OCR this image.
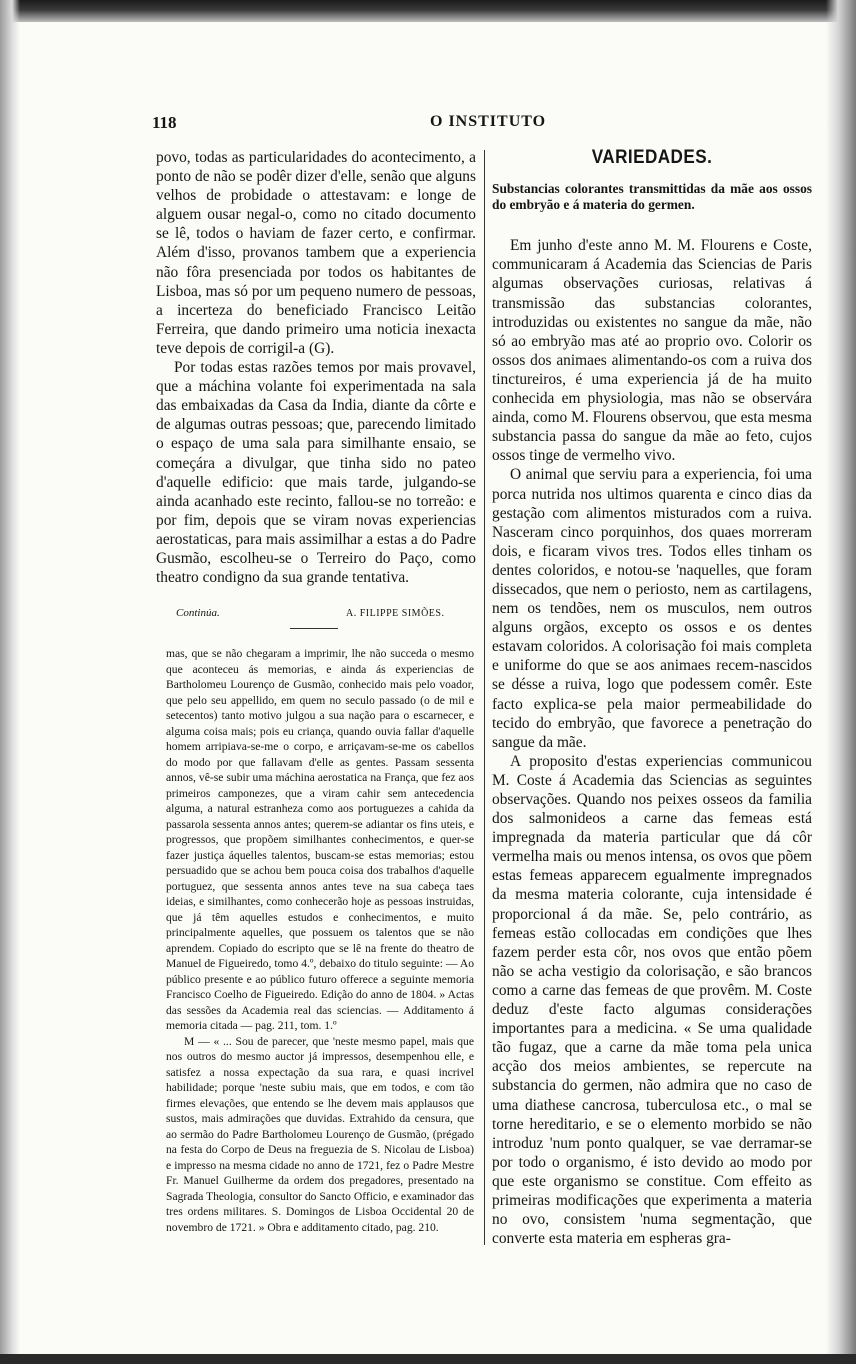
118	O INSTITUTO

povo, todas as particularidades do acontecimento, a ponto de não se podêr dizer d'elle, senão que alguns velhos de probidade o attestavam: e longe de alguem ousar negal-o, como no citado documento se lê, todos o haviam de fazer certo, e confirmar. Além d'isso, provanos tambem que a experiencia não fôra presenciada por todos os habitantes de Lisboa, mas só por um pequeno numero de pessoas, a incerteza do beneficiado Francisco Leitão Ferreira, que dando primeiro uma noticia inexacta teve depois de corrigil-a (G).

Por todas estas razões temos por mais provavel, que a máchina volante foi experimentada na sala das embaixadas da Casa da India, diante da côrte e de algumas outras pessoas; que, parecendo limitado o espaço de uma sala para similhante ensaio, se começára a divulgar, que tinha sido no pateo d'aquelle edificio: que mais tarde, julgando-se ainda acanhado este recinto, fallou-se no torreão: e por fim, depois que se viram novas experiencias aerostaticas, para mais assimilhar a estas a do Padre Gusmão, escolheu-se o Terreiro do Paço, como theatro condigno da sua grande tentativa.

Continúa.	A. FILIPPE SIMÕES.

mas, que se não chegaram a imprimir, lhe não succeda o mesmo que aconteceu ás memorias, e ainda ás experiencias de Bartholomeu Lourenço de Gusmão, conhecido mais pelo voador, que pelo seu appellido, em quem no seculo passado (o de mil e setecentos) tanto motivo julgou a sua nação para o escarnecer, e alguma coisa mais; pois eu criança, quando ouvia fallar d'aquelle homem arripiava-se-me o corpo, e arriçavam-se-me os cabellos do modo por que fallavam d'elle as gentes. Passam sessenta annos, vê-se subir uma máchina aerostatica na França, que fez aos primeiros camponezes, que a viram cahir sem antecedencia alguma, a natural estranheza como aos portuguezes a cahida da passarola sessenta annos antes; querem-se adiantar os fins uteis, e progressos, que propõem similhantes conhecimentos, e quer-se fazer justiça áquelles talentos, buscam-se estas memorias; estou persuadido que se achou bem pouca coisa dos trabalhos d'aquelle portuguez, que sessenta annos antes teve na sua cabeça taes ideias, e similhantes, como conhecerão hoje as pessoas instruidas, que já têm aquelles estudos e conhecimentos, e muito principalmente aquelles, que possuem os talentos que se não aprendem. Copiado do escripto que se lê na frente do theatro de Manuel de Figueiredo, tomo 4.º, debaixo do titulo seguinte: — Ao público presente e ao público futuro offerece a seguinte memoria Francisco Coelho de Figueiredo. Edição do anno de 1804. » Actas das sessões da Academia real das sciencias. — Additamento á memoria citada — pag. 211, tom. 1.º

M — « ... Sou de parecer, que 'neste mesmo papel, mais que nos outros do mesmo auctor já impressos, desempenhou elle, e satisfez a nossa expectação da sua rara, e quasi incrivel habilidade; porque 'neste subiu mais, que em todos, e com tão firmes elevações, que entendo se lhe devem mais applausos que sustos, mais admirações que duvidas. Extrahido da censura, que ao sermão do Padre Bartholomeu Lourenço de Gusmão, (prégado na festa do Corpo de Deus na freguezia de S. Nicolau de Lisboa) e impresso na mesma cidade no anno de 1721, fez o Padre Mestre Fr. Manuel Guilherme da ordem dos pregadores, presentado na Sagrada Theologia, consultor do Sancto Officio, e examinador das tres ordens militares. S. Domingos de Lisboa Occidental 20 de novembro de 1721. » Obra e additamento citado, pag. 210.

VARIEDADES.
Substancias colorantes transmittidas da mãe aos ossos do embryão e á materia do germen.

Em junho d'este anno M. M. Flourens e Coste, communicaram á Academia das Sciencias de Paris algumas observações curiosas, relativas á transmissão das substancias colorantes, introduzidas ou existentes no sangue da mãe, não só ao embryão mas até ao proprio ovo. Colorir os ossos dos animaes alimentando-os com a ruiva dos tinctureiros, é uma experiencia já de ha muito conhecida em physiologia, mas não se observára ainda, como M. Flourens observou, que esta mesma substancia passa do sangue da mãe ao feto, cujos ossos tinge de vermelho vivo.

O animal que serviu para a experiencia, foi uma porca nutrida nos ultimos quarenta e cinco dias da gestação com alimentos misturados com a ruiva. Nasceram cinco porquinhos, dos quaes morreram dois, e ficaram vivos tres. Todos elles tinham os dentes coloridos, e notou-se 'naquelles, que foram dissecados, que nem o periosto, nem as cartilagens, nem os tendões, nem os musculos, nem outros alguns orgãos, excepto os ossos e os dentes estavam coloridos. A colorisação foi mais completa e uniforme do que se aos animaes recem-nascidos se désse a ruiva, logo que podessem comêr. Este facto explica-se pela maior permeabilidade do tecido do embryão, que favorece a penetração do sangue da mãe.

A proposito d'estas experiencias communicou M. Coste á Academia das Sciencias as seguintes observações. Quando nos peixes osseos da familia dos salmonideos a carne das femeas está impregnada da materia particular que dá côr vermelha mais ou menos intensa, os ovos que põem estas femeas apparecem egualmente impregnados da mesma materia colorante, cuja intensidade é proporcional á da mãe. Se, pelo contrário, as femeas estão collocadas em condições que lhes fazem perder esta côr, nos ovos que então põem não se acha vestigio da colorisação, e são brancos como a carne das femeas de que provêm. M. Coste deduz d'este facto algumas considerações importantes para a medicina. « Se uma qualidade tão fugaz, que a carne da mãe toma pela unica acção dos meios ambientes, se repercute na substancia do germen, não admira que no caso de uma diathese cancrosa, tuberculosa etc., o mal se torne hereditario, e se o elemento morbido se não introduz 'num ponto qualquer, se vae derramar-se por todo o organismo, é isto devido ao modo por que este organismo se constitue. Com effeito as primeiras modificações que experimenta a materia no ovo, consistem 'numa segmentação, que converte esta materia em espheras gra-
